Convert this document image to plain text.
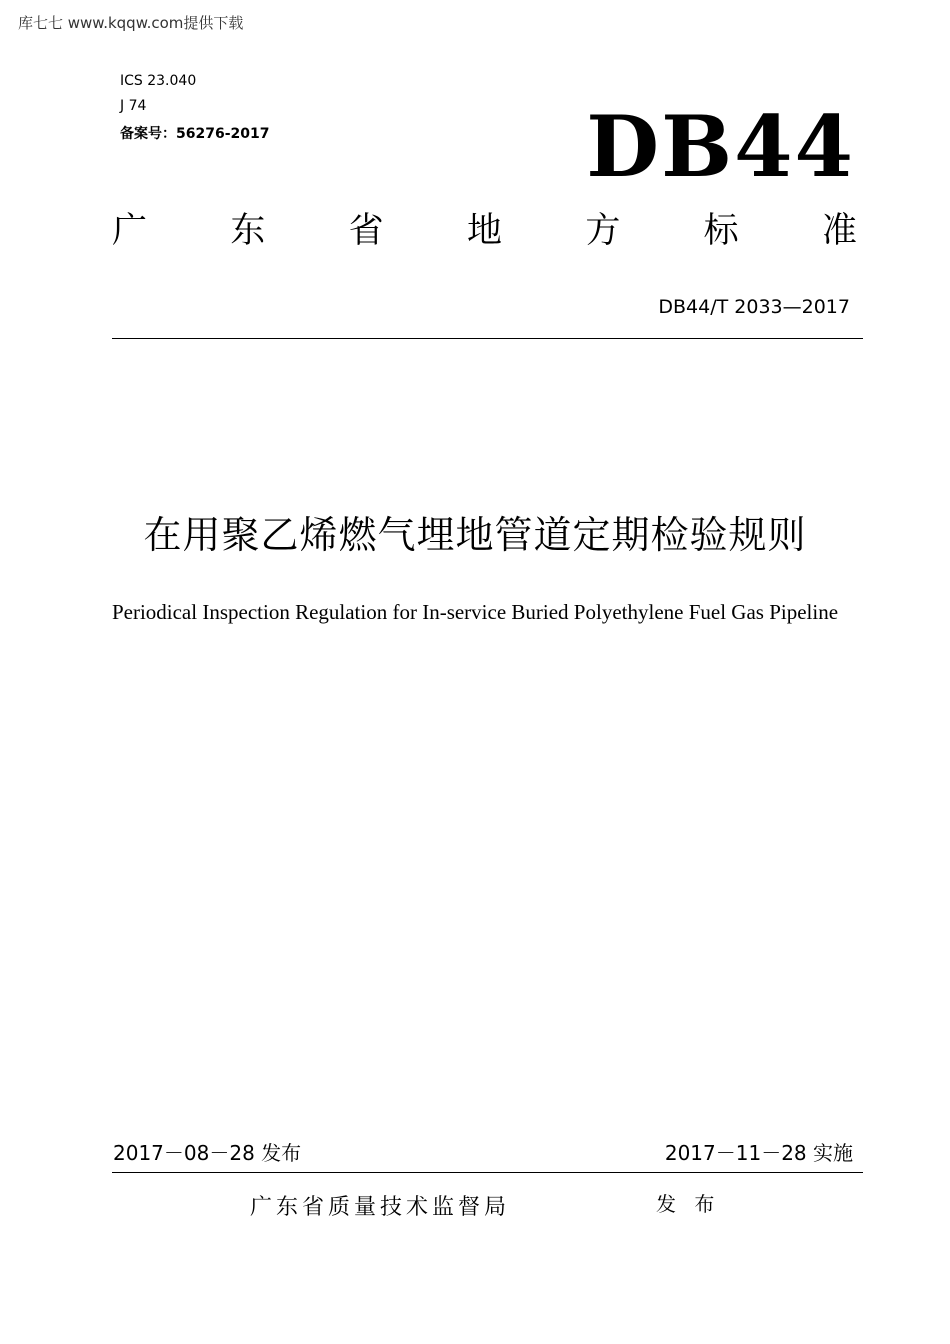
库七七 www.kqqw.com提供下载
ICS 23.040
J 74
备案号：56276-2017	DB44
广 东 省 地 方 标 准
DB44/T 2033—2017
在用聚乙烯燃气埋地管道定期检验规则
Periodical Inspection Regulation for In-service Buried Polyethylene Fuel Gas Pipeline
2017－08－28 发布	2017－11－28 实施
广东省质量技术监督局	发 布
